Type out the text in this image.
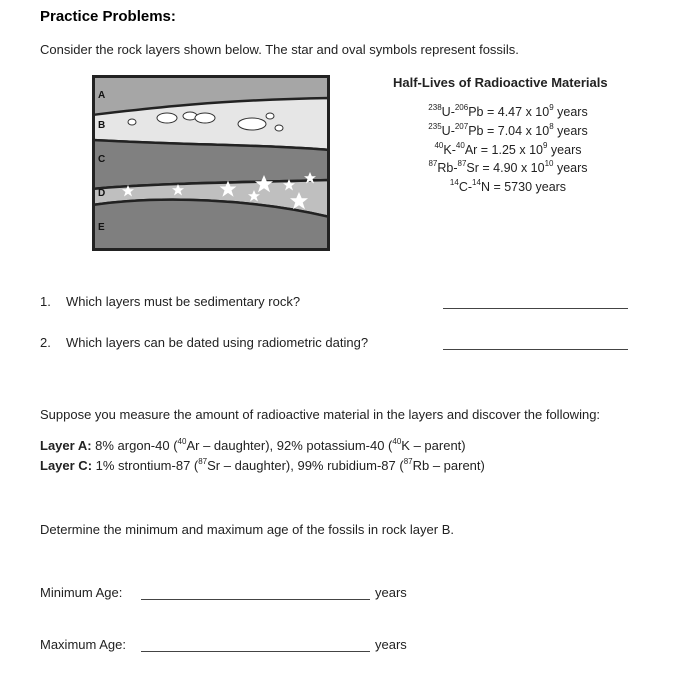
Practice Problems:
Consider the rock layers shown below. The star and oval symbols represent fossils.
A
B
C
D
E
Half-Lives of Radioactive Materials
$^{238}$U-$^{206}$Pb = 4.47 x $10^9$ years
$^{235}$U-$^{207}$Pb = 7.04 x $10^8$ years
$^{40}$K-$^{40}$Ar = 1.25 x $10^9$ years
$^{87}$Rb-$^{87}$Sr = 4.90 x $10^{10}$ years
$^{14}$C-$^{14}$N = 5730 years
1. Which layers must be sedimentary rock?
2. Which layers can be dated using radiometric dating?
Suppose you measure the amount of radioactive material in the layers and discover the following:
Layer A: 8% argon-40 ($^{40}$Ar – daughter), 92% potassium-40 ($^{40}$K – parent)
Layer C: 1% strontium-87 ($^{87}$Sr – daughter), 99% rubidium-87 ($^{87}$Rb – parent)
Determine the minimum and maximum age of the fossils in rock layer B.
Minimum Age:	years
Maximum Age:	years
